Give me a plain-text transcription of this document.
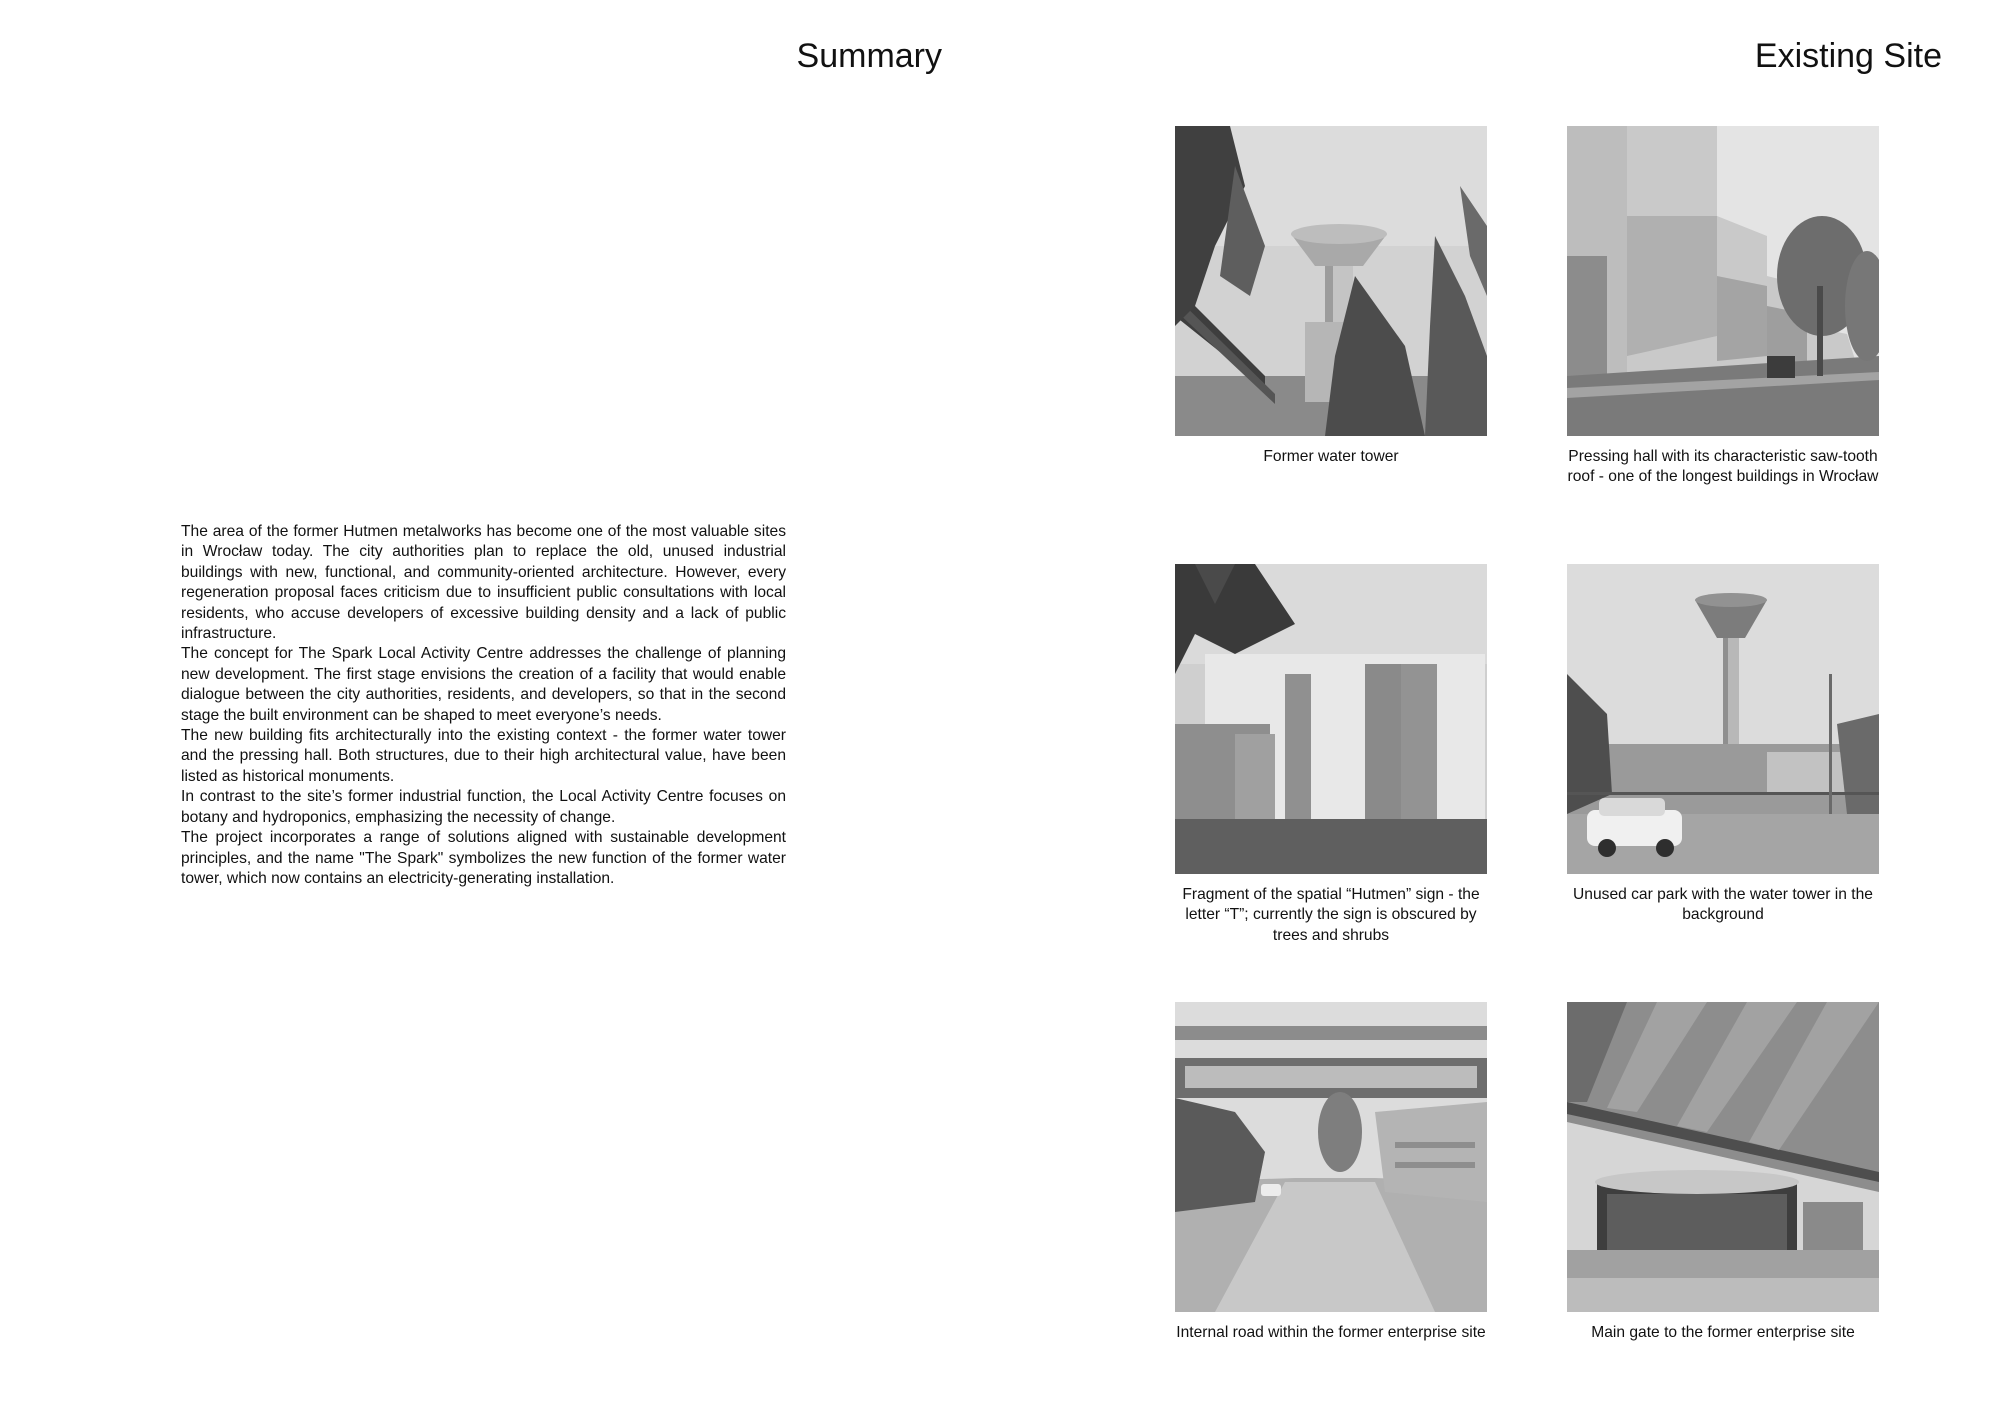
Summary

The area of the former Hutmen metalworks has become one of the most valuable sites in Wrocław today. The city authorities plan to replace the old, unused industrial buildings with new, functional, and community-oriented architecture. However, every regeneration proposal faces criticism due to insufficient public consultations with local residents, who accuse developers of excessive building density and a lack of public infrastructure.

The concept for The Spark Local Activity Centre addresses the challenge of planning new development. The first stage envisions the creation of a facility that would enable dialogue between the city authorities, residents, and developers, so that in the second stage the built environment can be shaped to meet everyone’s needs.

The new building fits architecturally into the existing context - the former water tower and the pressing hall. Both structures, due to their high architectural value, have been listed as historical monuments.

In contrast to the site’s former industrial function, the Local Activity Centre focuses on botany and hydroponics, emphasizing the necessity of change.

The project incorporates a range of solutions aligned with sustainable development principles, and the name "The Spark" symbolizes the new function of the former water tower, which now contains an electricity-generating installation.

Existing Site
Former water tower	Pressing hall with its characteristic saw-tooth roof - one of the longest buildings in Wrocław
Fragment of the spatial “Hutmen” sign - the letter “T”; currently the sign is obscured by trees and shrubs
Unused car park with the water tower in the background
Internal road within the former enterprise site	Main gate to the former enterprise site
